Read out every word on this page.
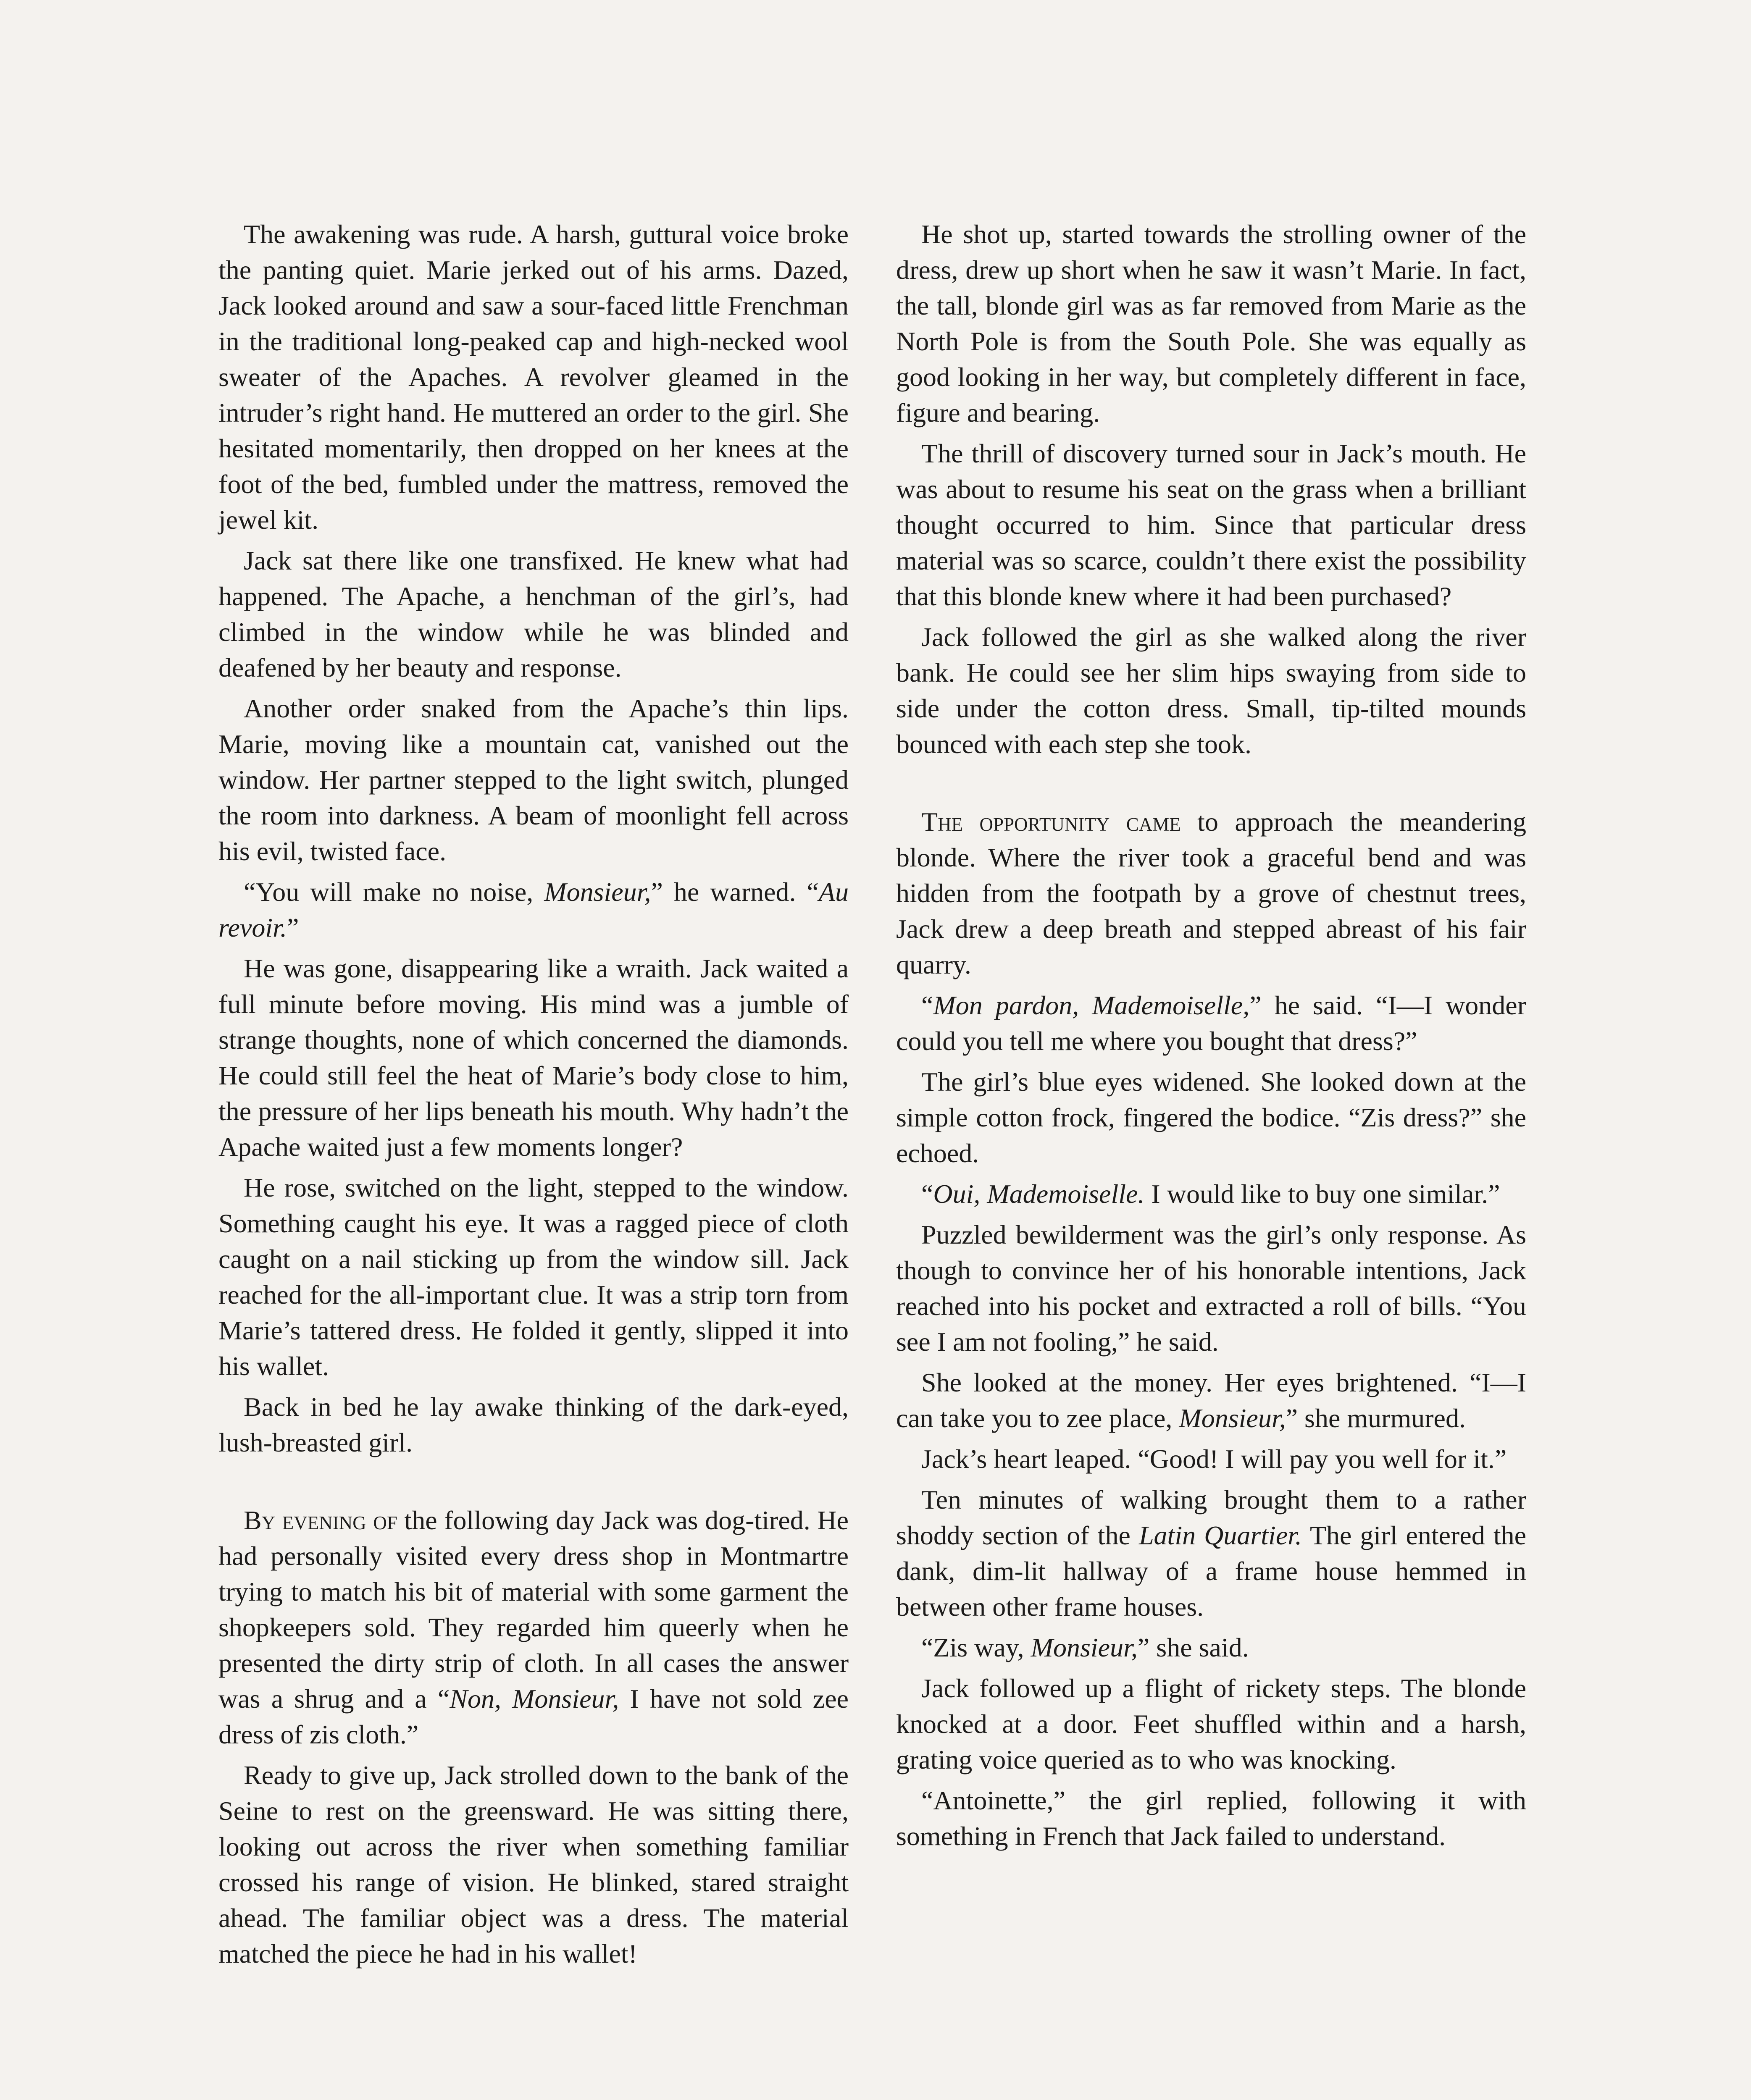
The awakening was rude. A harsh, guttural voice broke the panting quiet. Marie jerked out of his arms. Dazed, Jack looked around and saw a sour-faced little Frenchman in the traditional long-peaked cap and high-necked wool sweater of the Apaches. A revolver gleamed in the intruder’s right hand. He muttered an order to the girl. She hesitated momentarily, then dropped on her knees at the foot of the bed, fumbled under the mattress, removed the jewel kit.

Jack sat there like one transfixed. He knew what had happened. The Apache, a henchman of the girl’s, had climbed in the window while he was blinded and deafened by her beauty and response.

Another order snaked from the Apache’s thin lips. Marie, moving like a mountain cat, vanished out the window. Her partner stepped to the light switch, plunged the room into darkness. A beam of moonlight fell across his evil, twisted face.

“You will make no noise, Monsieur,” he warned. “Au revoir.”

He was gone, disappearing like a wraith. Jack waited a full minute before moving. His mind was a jumble of strange thoughts, none of which concerned the diamonds. He could still feel the heat of Marie’s body close to him, the pressure of her lips beneath his mouth. Why hadn’t the Apache waited just a few moments longer?

He rose, switched on the light, stepped to the window. Something caught his eye. It was a ragged piece of cloth caught on a nail sticking up from the window sill. Jack reached for the all-important clue. It was a strip torn from Marie’s tattered dress. He folded it gently, slipped it into his wallet.

Back in bed he lay awake thinking of the dark-eyed, lush-breasted girl.

By evening of the following day Jack was dog-tired. He had personally visited every dress shop in Montmartre trying to match his bit of material with some garment the shopkeepers sold. They regarded him queerly when he presented the dirty strip of cloth. In all cases the answer was a shrug and a “Non, Monsieur, I have not sold zee dress of zis cloth.”

Ready to give up, Jack strolled down to the bank of the Seine to rest on the greensward. He was sitting there, looking out across the river when something familiar crossed his range of vision. He blinked, stared straight ahead. The familiar object was a dress. The material matched the piece he had in his wallet!

He shot up, started towards the strolling owner of the dress, drew up short when he saw it wasn’t Marie. In fact, the tall, blonde girl was as far removed from Marie as the North Pole is from the South Pole. She was equally as good looking in her way, but completely different in face, figure and bearing.

The thrill of discovery turned sour in Jack’s mouth. He was about to resume his seat on the grass when a brilliant thought occurred to him. Since that particular dress material was so scarce, couldn’t there exist the possibility that this blonde knew where it had been purchased?

Jack followed the girl as she walked along the river bank. He could see her slim hips swaying from side to side under the cotton dress. Small, tip-tilted mounds bounced with each step she took.

The opportunity came to approach the meandering blonde. Where the river took a graceful bend and was hidden from the footpath by a grove of chestnut trees, Jack drew a deep breath and stepped abreast of his fair quarry.

“Mon pardon, Mademoiselle,” he said. “I—I wonder could you tell me where you bought that dress?”

The girl’s blue eyes widened. She looked down at the simple cotton frock, fingered the bodice. “Zis dress?” she echoed.

“Oui, Mademoiselle. I would like to buy one similar.”

Puzzled bewilderment was the girl’s only response. As though to convince her of his honorable intentions, Jack reached into his pocket and extracted a roll of bills. “You see I am not fooling,” he said.

She looked at the money. Her eyes brightened. “I—I can take you to zee place, Monsieur,” she murmured.

Jack’s heart leaped. “Good! I will pay you well for it.”

Ten minutes of walking brought them to a rather shoddy section of the Latin Quartier. The girl entered the dank, dim-lit hallway of a frame house hemmed in between other frame houses.

“Zis way, Monsieur,” she said.

Jack followed up a flight of rickety steps. The blonde knocked at a door. Feet shuffled within and a harsh, grating voice queried as to who was knocking.

“Antoinette,” the girl replied, following it with something in French that Jack failed to understand.
